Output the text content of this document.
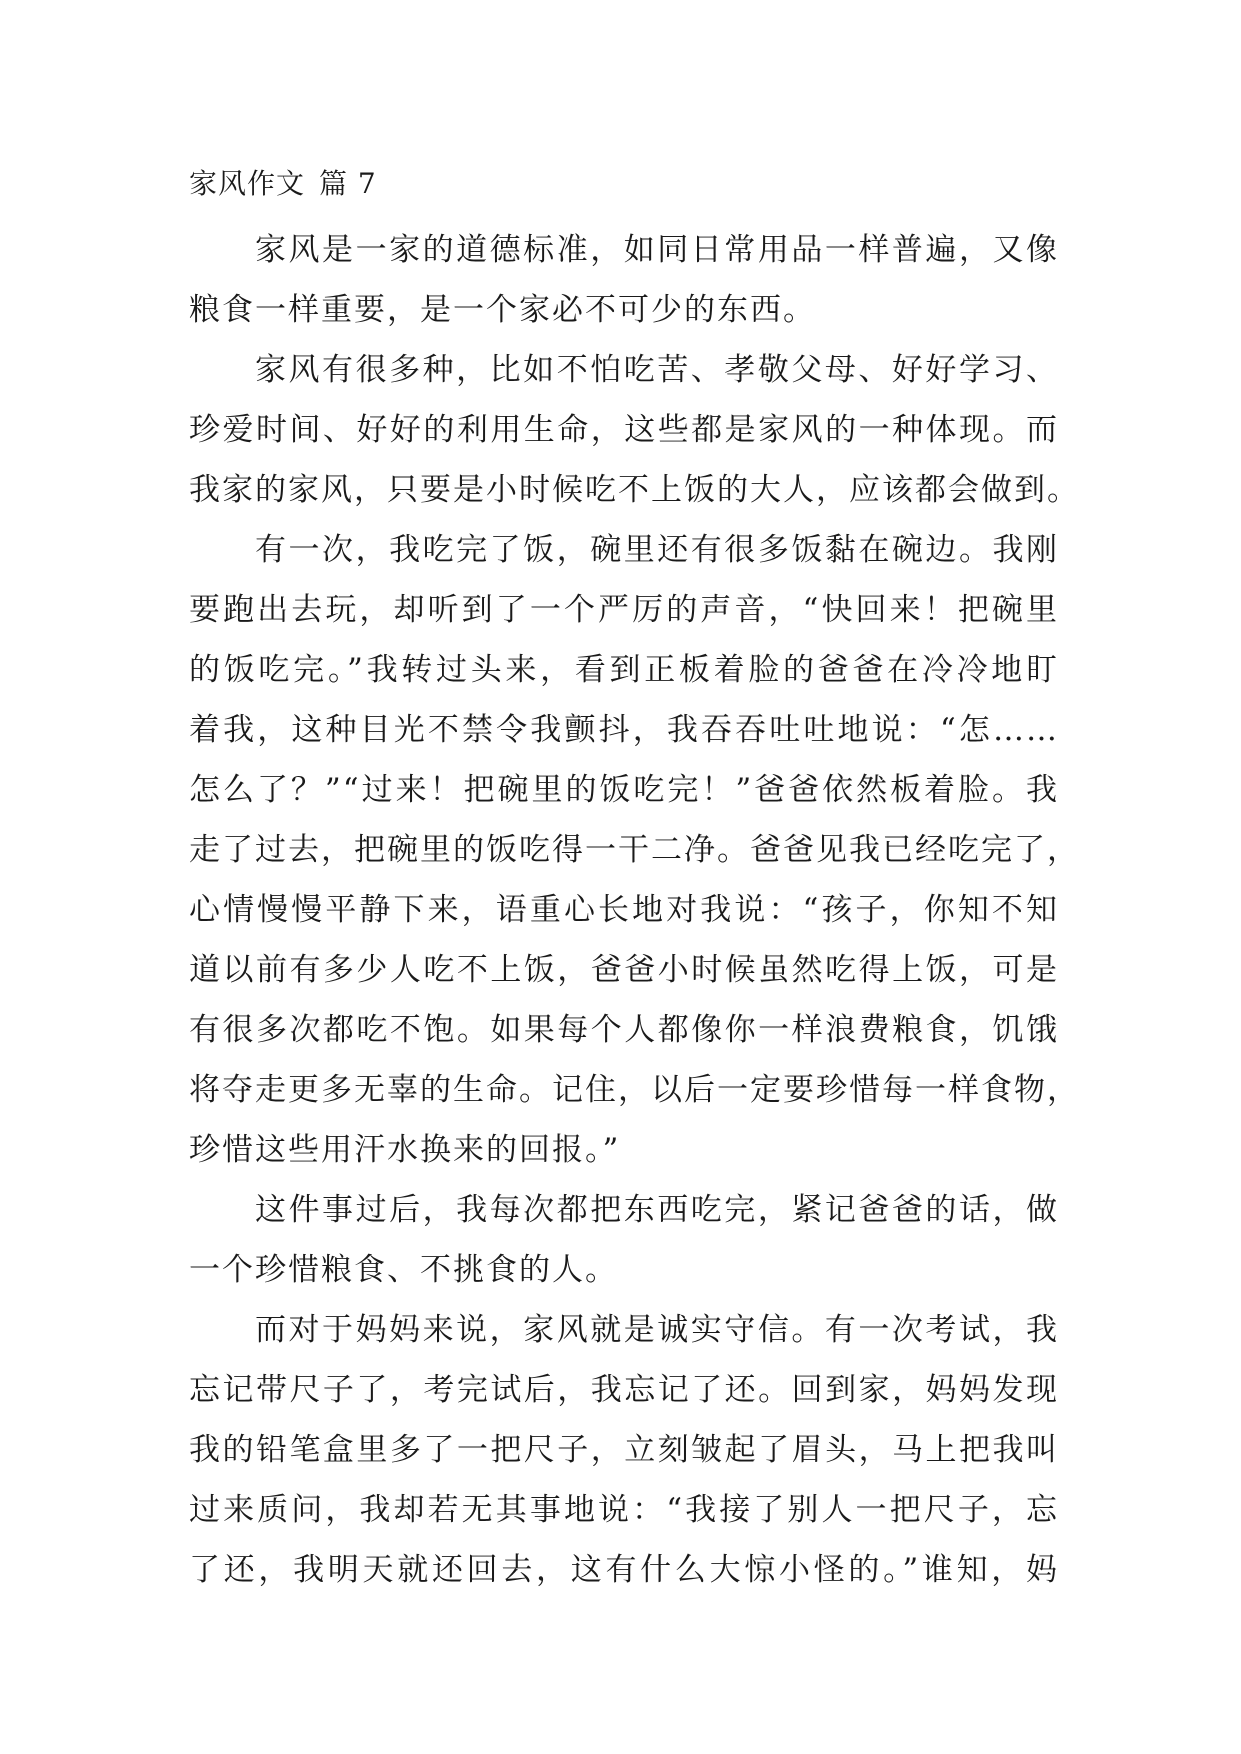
家风作文 篇 7
家风是一家的道德标准，如同日常用品一样普遍，又像
粮食一样重要，是一个家必不可少的东西。
家风有很多种，比如不怕吃苦、孝敬父母、好好学习、
珍爱时间、好好的利用生命，这些都是家风的一种体现。而
我家的家风，只要是小时候吃不上饭的大人，应该都会做到。
有一次，我吃完了饭，碗里还有很多饭黏在碗边。我刚
要跑出去玩，却听到了一个严厉的声音，“快回来！把碗里
的饭吃完。”我转过头来，看到正板着脸的爸爸在冷冷地盯
着我，这种目光不禁令我颤抖，我吞吞吐吐地说：“怎……
怎么了？”“过来！把碗里的饭吃完！”爸爸依然板着脸。我
走了过去，把碗里的饭吃得一干二净。爸爸见我已经吃完了，
心情慢慢平静下来，语重心长地对我说：“孩子，你知不知
道以前有多少人吃不上饭，爸爸小时候虽然吃得上饭，可是
有很多次都吃不饱。如果每个人都像你一样浪费粮食，饥饿
将夺走更多无辜的生命。记住，以后一定要珍惜每一样食物，
珍惜这些用汗水换来的回报。”
这件事过后，我每次都把东西吃完，紧记爸爸的话，做
一个珍惜粮食、不挑食的人。
而对于妈妈来说，家风就是诚实守信。有一次考试，我
忘记带尺子了，考完试后，我忘记了还。回到家，妈妈发现
我的铅笔盒里多了一把尺子，立刻皱起了眉头，马上把我叫
过来质问，我却若无其事地说：“我接了别人一把尺子，忘
了还，我明天就还回去，这有什么大惊小怪的。”谁知，妈
